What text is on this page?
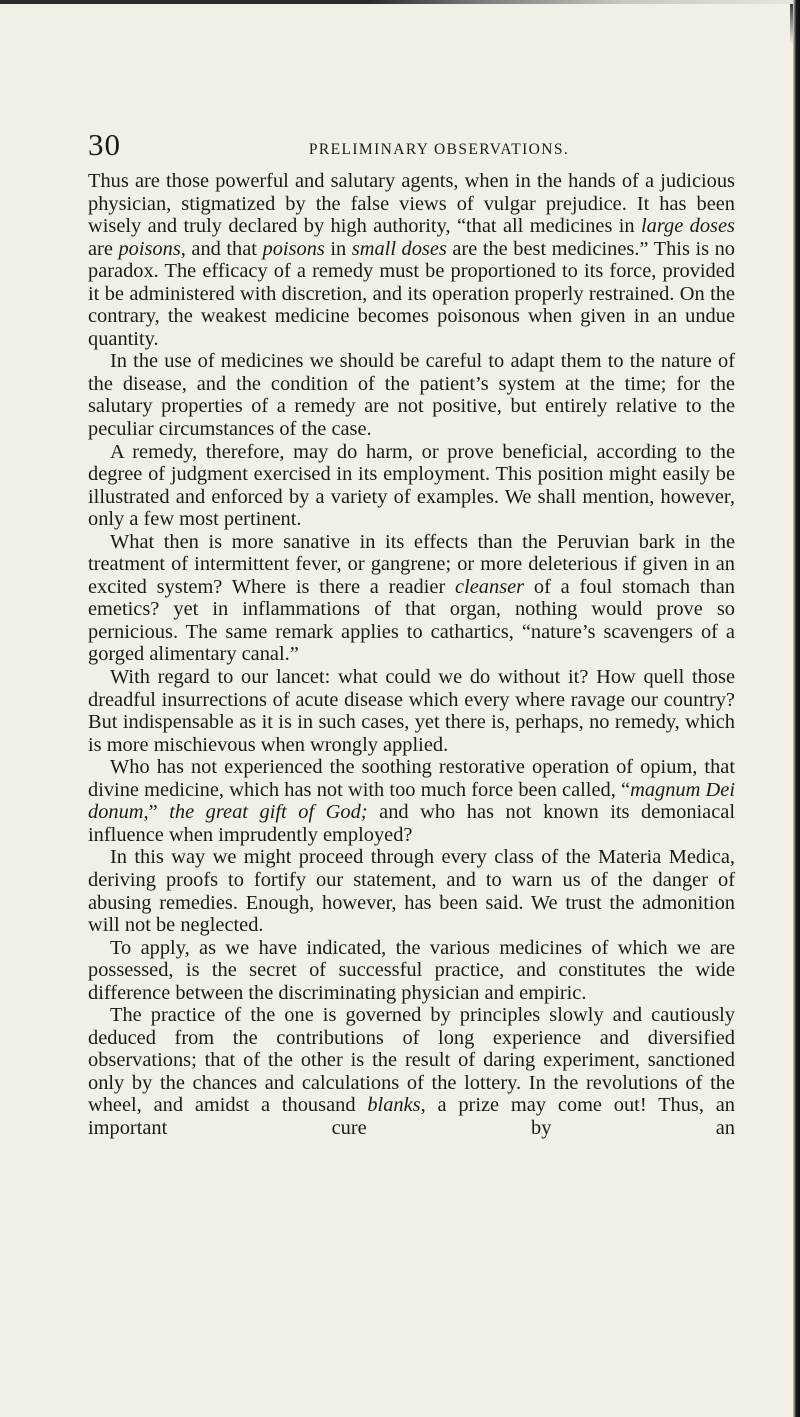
30	PRELIMINARY OBSERVATIONS.

Thus are those powerful and salutary agents, when in the hands of a judicious physician, stigmatized by the false views of vulgar prejudice. It has been wisely and truly declared by high authority, “that all medicines in large doses are poisons, and that poisons in small doses are the best medicines.” This is no paradox. The efficacy of a remedy must be proportioned to its force, provided it be administered with discretion, and its operation properly restrained. On the contrary, the weakest medicine becomes poisonous when given in an undue quantity.

In the use of medicines we should be careful to adapt them to the nature of the disease, and the condition of the patient’s system at the time; for the salutary properties of a remedy are not positive, but entirely relative to the peculiar circumstances of the case.

A remedy, therefore, may do harm, or prove beneficial, according to the degree of judgment exercised in its employment. This position might easily be illustrated and enforced by a variety of examples. We shall mention, however, only a few most pertinent.

What then is more sanative in its effects than the Peruvian bark in the treatment of intermittent fever, or gangrene; or more deleterious if given in an excited system? Where is there a readier cleanser of a foul stomach than emetics? yet in inflammations of that organ, nothing would prove so pernicious. The same remark applies to cathartics, “nature’s scavengers of a gorged alimentary canal.”

With regard to our lancet: what could we do without it? How quell those dreadful insurrections of acute disease which every where ravage our country? But indispensable as it is in such cases, yet there is, perhaps, no remedy, which is more mischievous when wrongly applied.

Who has not experienced the soothing restorative operation of opium, that divine medicine, which has not with too much force been called, “magnum Dei donum,” the great gift of God; and who has not known its demoniacal influence when imprudently employed?

In this way we might proceed through every class of the Materia Medica, deriving proofs to fortify our statement, and to warn us of the danger of abusing remedies. Enough, however, has been said. We trust the admonition will not be neglected.

To apply, as we have indicated, the various medicines of which we are possessed, is the secret of successful practice, and constitutes the wide difference between the discriminating physician and empiric.

The practice of the one is governed by principles slowly and cautiously deduced from the contributions of long experience and diversified observations; that of the other is the result of daring experiment, sanctioned only by the chances and calculations of the lottery. In the revolutions of the wheel, and amidst a thousand blanks, a prize may come out! Thus, an important cure by an
